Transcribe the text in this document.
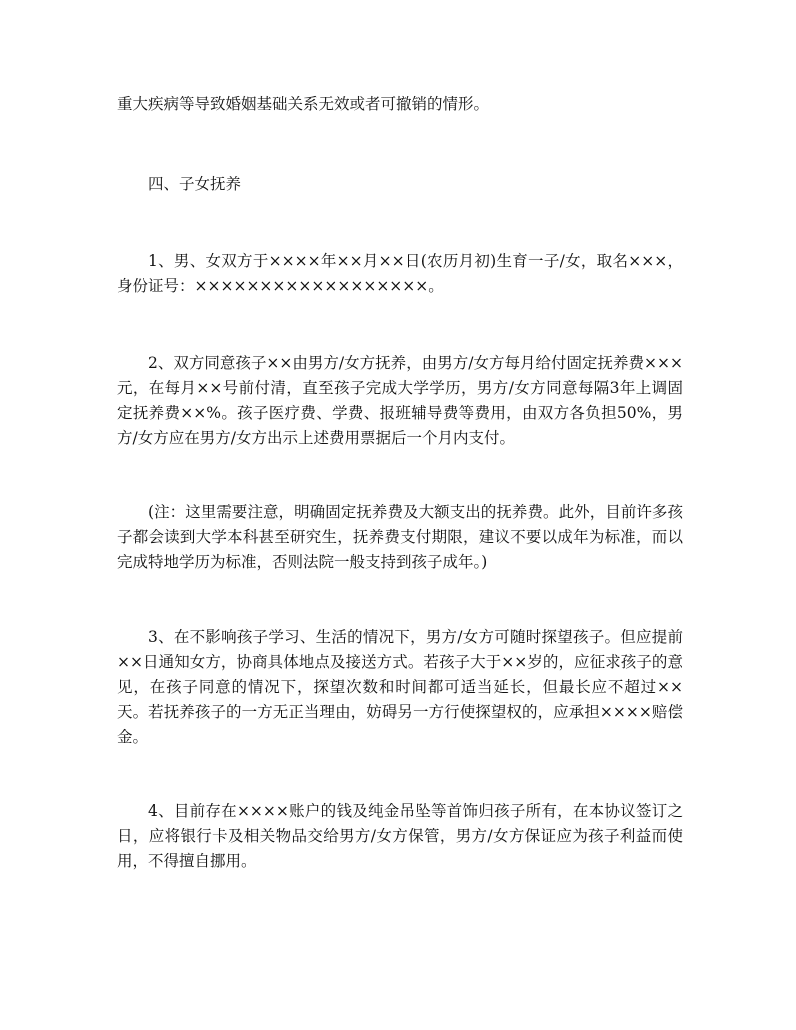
重大疾病等导致婚姻基础关系无效或者可撤销的情形。

四、子女抚养

1、男、女双方于××××年××月××日(农历月初)生育一子/女，取名×××，身份证号：××××××××××××××××××。

2、双方同意孩子××由男方/女方抚养，由男方/女方每月给付固定抚养费×××元，在每月××号前付清，直至孩子完成大学学历，男方/女方同意每隔3年上调固定抚养费××%。孩子医疗费、学费、报班辅导费等费用，由双方各负担50%，男方/女方应在男方/女方出示上述费用票据后一个月内支付。

(注：这里需要注意，明确固定抚养费及大额支出的抚养费。此外，目前许多孩子都会读到大学本科甚至研究生，抚养费支付期限，建议不要以成年为标准，而以完成特地学历为标准，否则法院一般支持到孩子成年。)

3、在不影响孩子学习、生活的情况下，男方/女方可随时探望孩子。但应提前××日通知女方，协商具体地点及接送方式。若孩子大于××岁的，应征求孩子的意见，在孩子同意的情况下，探望次数和时间都可适当延长，但最长应不超过××天。若抚养孩子的一方无正当理由，妨碍另一方行使探望权的，应承担××××赔偿金。

4、目前存在××××账户的钱及纯金吊坠等首饰归孩子所有，在本协议签订之日，应将银行卡及相关物品交给男方/女方保管，男方/女方保证应为孩子利益而使用，不得擅自挪用。
